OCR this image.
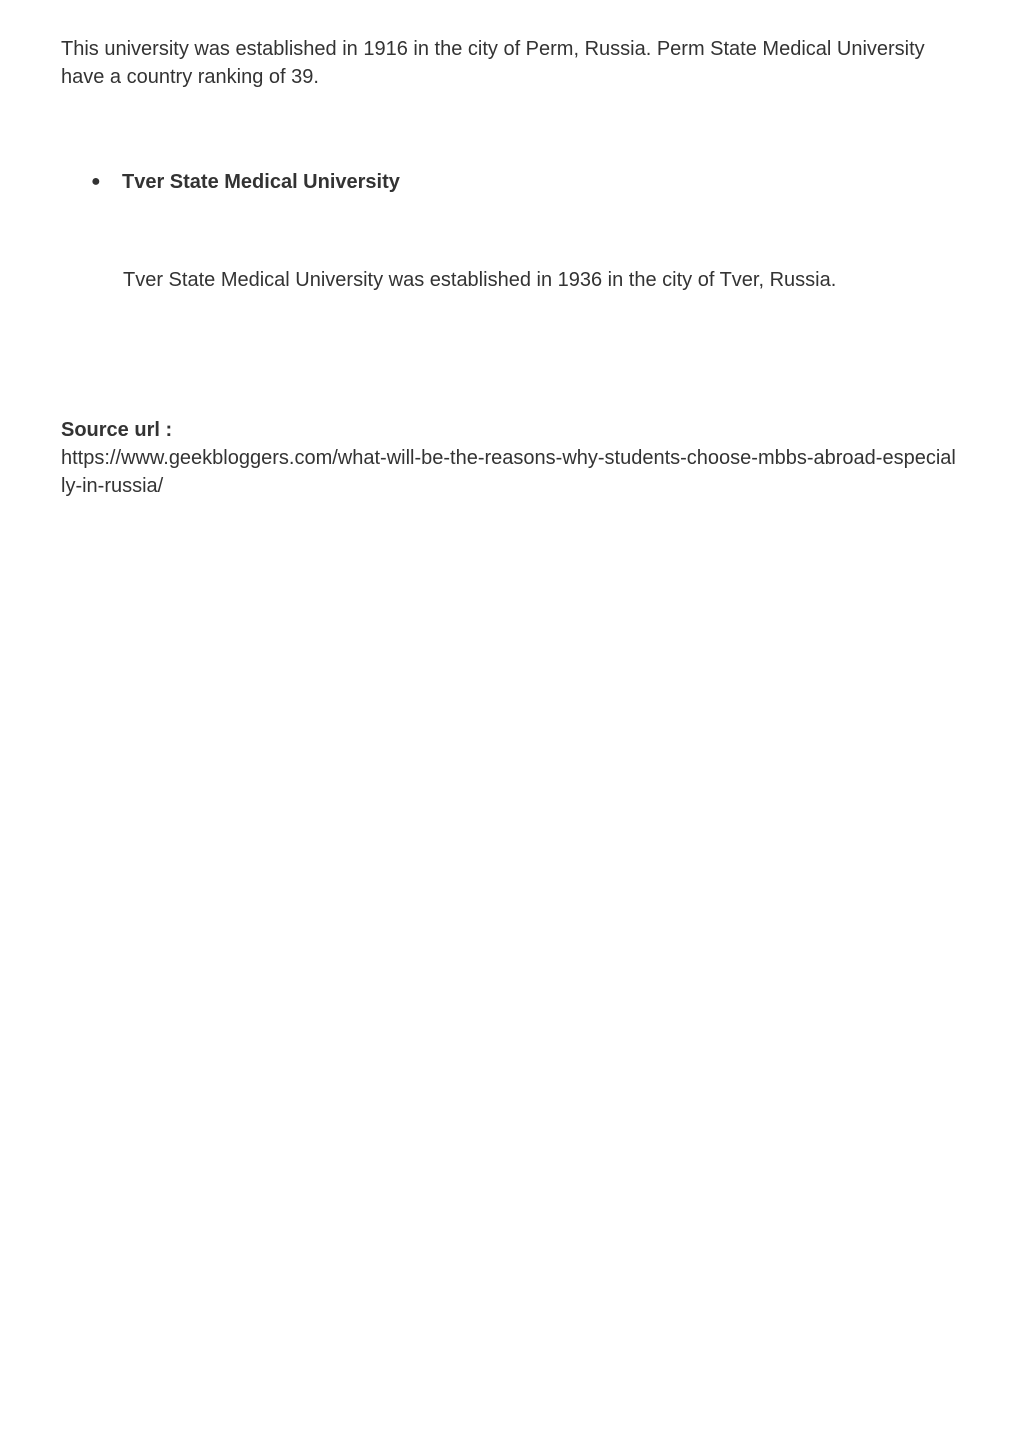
This university was established in 1916 in the city of Perm, Russia. Perm State Medical University have a country ranking of 39.

●	Tver State Medical University

Tver State Medical University was established in 1936 in the city of Tver, Russia.

Source url :

https://www.geekbloggers.com/what-will-be-the-reasons-why-students-choose-mbbs-abroad-especially-in-russia/
